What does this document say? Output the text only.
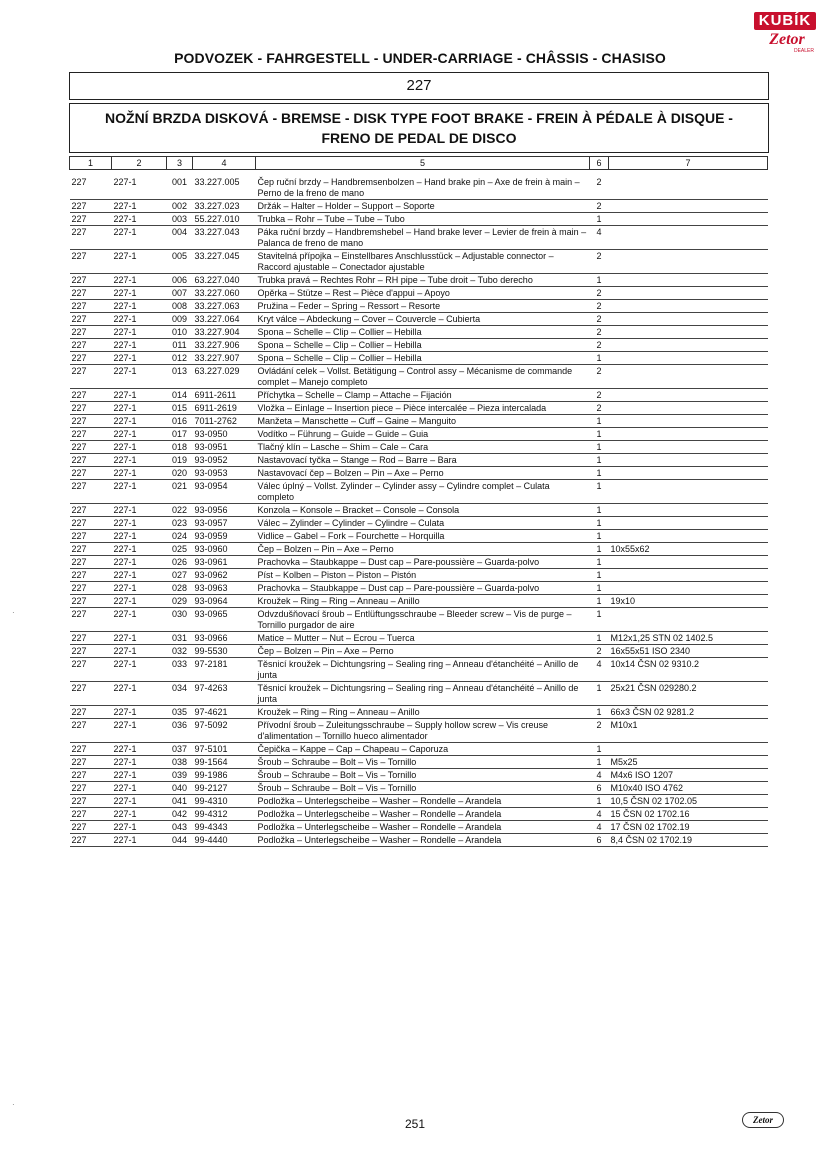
KUBÍK
Zetor
DEALER
PODVOZEK - FAHRGESTELL - UNDER-CARRIAGE - CHÂSSIS - CHASISO
227
NOŽNÍ BRZDA DISKOVÁ - BREMSE - DISK TYPE FOOT BRAKE - FREIN À PÉDALE À DISQUE - FRENO DE PEDAL DE DISCO
1	2	3	4	5	6	7

227	227-1	001	33.227.005	Čep ruční brzdy – Handbremsenbolzen – Hand brake pin – Axe de frein à main – Perno de la freno de mano	2	
227	227-1	002	33.227.023	Držák – Halter – Holder – Support – Soporte	2	
227	227-1	003	55.227.010	Trubka – Rohr – Tube – Tube – Tubo	1	
227	227-1	004	33.227.043	Páka ruční brzdy – Handbremshebel – Hand brake lever – Levier de frein à main – Palanca de freno de mano	4	
227	227-1	005	33.227.045	Stavitelná přípojka – Einstellbares Anschlusstück – Adjustable connector – Raccord ajustable – Conectador ajustable	2	
227	227-1	006	63.227.040	Trubka pravá – Rechtes Rohr – RH pipe – Tube droit – Tubo derecho	1	
227	227-1	007	33.227.060	Opěrka – Stütze – Rest – Pièce d'appui – Apoyo	2	
227	227-1	008	33.227.063	Pružina – Feder – Spring – Ressort – Resorte	2	
227	227-1	009	33.227.064	Kryt válce – Abdeckung – Cover – Couvercle – Cubierta	2	
227	227-1	010	33.227.904	Spona – Schelle – Clip – Collier – Hebilla	2	
227	227-1	011	33.227.906	Spona – Schelle – Clip – Collier – Hebilla	2	
227	227-1	012	33.227.907	Spona – Schelle – Clip – Collier – Hebilla	1	
227	227-1	013	63.227.029	Ovládání celek – Vollst. Betätigung – Control assy – Mécanisme de commande complet – Manejo completo	2	
227	227-1	014	6911-2611	Příchytka – Schelle – Clamp – Attache – Fijación	2	
227	227-1	015	6911-2619	Vložka – Einlage – Insertion piece – Pièce intercalée – Pieza intercalada	2	
227	227-1	016	7011-2762	Manžeta – Manschette – Cuff – Gaine – Manguito	1	
227	227-1	017	93-0950	Vodítko – Führung – Guide – Guide – Guia	1	
227	227-1	018	93-0951	Tlačný klín – Lasche – Shim – Cale – Cara	1	
227	227-1	019	93-0952	Nastavovací tyčka – Stange – Rod – Barre – Bara	1	
227	227-1	020	93-0953	Nastavovací čep – Bolzen – Pin – Axe – Perno	1	
227	227-1	021	93-0954	Válec úplný – Vollst. Zylinder – Cylinder assy – Cylindre complet – Culata completo	1	
227	227-1	022	93-0956	Konzola – Konsole – Bracket – Console – Consola	1	
227	227-1	023	93-0957	Válec – Zylinder – Cylinder – Cylindre – Culata	1	
227	227-1	024	93-0959	Vidlice – Gabel – Fork – Fourchette – Horquilla	1	
227	227-1	025	93-0960	Čep – Bolzen – Pin – Axe – Perno	1	10x55x62
227	227-1	026	93-0961	Prachovka – Staubkappe – Dust cap – Pare-poussière – Guarda-polvo	1	
227	227-1	027	93-0962	Píst – Kolben – Piston – Piston – Pistón	1	
227	227-1	028	93-0963	Prachovka – Staubkappe – Dust cap – Pare-poussière – Guarda-polvo	1	
227	227-1	029	93-0964	Kroužek – Ring – Ring – Anneau – Anillo	1	19x10
227	227-1	030	93-0965	Odvzdušňovací šroub – Entlüftungsschraube – Bleeder screw – Vis de purge – Tornillo purgador de aire	1	
227	227-1	031	93-0966	Matice – Mutter – Nut – Ecrou – Tuerca	1	M12x1,25 STN 02 1402.5
227	227-1	032	99-5530	Čep – Bolzen – Pin – Axe – Perno	2	16x55x51 ISO 2340
227	227-1	033	97-2181	Těsnicí kroužek – Dichtungsring – Sealing ring – Anneau d'étanchéité – Anillo de junta	4	10x14 ČSN 02 9310.2
227	227-1	034	97-4263	Těsnicí kroužek – Dichtungsring – Sealing ring – Anneau d'étanchéité – Anillo de junta	1	25x21 ČSN 029280.2
227	227-1	035	97-4621	Kroužek – Ring – Ring – Anneau – Anillo	1	66x3 ČSN 02 9281.2
227	227-1	036	97-5092	Přívodní šroub – Zuleitungsschraube – Supply hollow screw – Vis creuse d'alimentation – Tornillo hueco alimentador	2	M10x1
227	227-1	037	97-5101	Čepička – Kappe – Cap – Chapeau – Caporuza	1	
227	227-1	038	99-1564	Šroub – Schraube – Bolt – Vis – Tornillo	1	M5x25
227	227-1	039	99-1986	Šroub – Schraube – Bolt – Vis – Tornillo	4	M4x6 ISO 1207
227	227-1	040	99-2127	Šroub – Schraube – Bolt – Vis – Tornillo	6	M10x40 ISO 4762
227	227-1	041	99-4310	Podložka – Unterlegscheibe – Washer – Rondelle – Arandela	1	10,5 ČSN 02 1702.05
227	227-1	042	99-4312	Podložka – Unterlegscheibe – Washer – Rondelle – Arandela	4	15 ČSN 02 1702.16
227	227-1	043	99-4343	Podložka – Unterlegscheibe – Washer – Rondelle – Arandela	4	17 ČSN 02 1702.19
227	227-1	044	99-4440	Podložka – Unterlegscheibe – Washer – Rondelle – Arandela	6	8,4 ČSN 02 1702.19
·
·
251	Zetor
